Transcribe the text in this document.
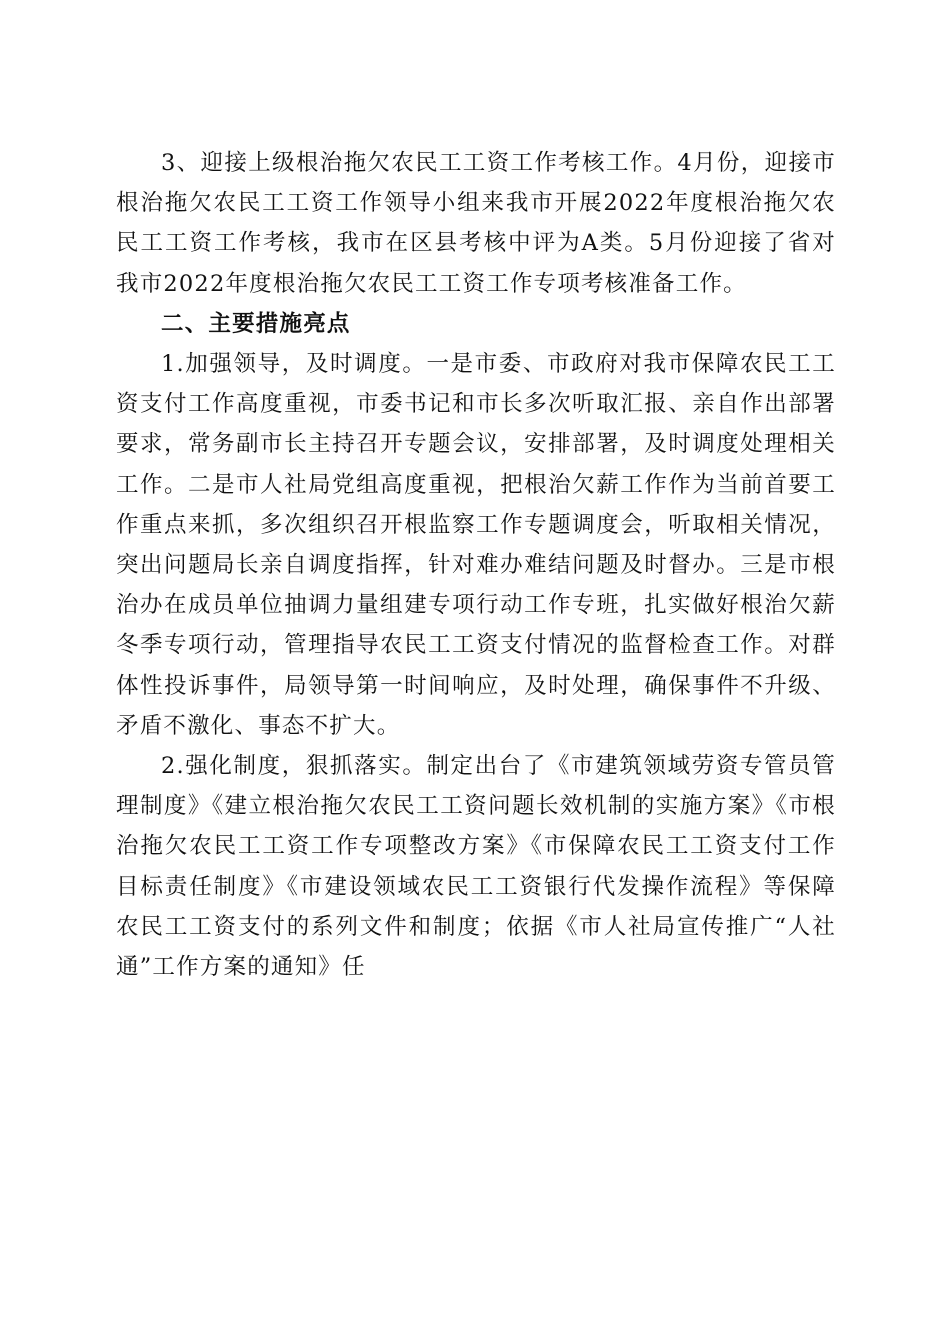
3、迎接上级根治拖欠农民工工资工作考核工作。4月份，迎接市根治拖欠农民工工资工作领导小组来我市开展2022年度根治拖欠农民工工资工作考核，我市在区县考核中评为A类。5月份迎接了省对我市2022年度根治拖欠农民工工资工作专项考核准备工作。

二、主要措施亮点

1.加强领导，及时调度。一是市委、市政府对我市保障农民工工资支付工作高度重视，市委书记和市长多次听取汇报、亲自作出部署要求，常务副市长主持召开专题会议，安排部署，及时调度处理相关工作。二是市人社局党组高度重视，把根治欠薪工作作为当前首要工作重点来抓，多次组织召开根监察工作专题调度会，听取相关情况，突出问题局长亲自调度指挥，针对难办难结问题及时督办。三是市根治办在成员单位抽调力量组建专项行动工作专班，扎实做好根治欠薪冬季专项行动，管理指导农民工工资支付情况的监督检查工作。对群体性投诉事件，局领导第一时间响应，及时处理，确保事件不升级、矛盾不激化、事态不扩大。

2.强化制度，狠抓落实。制定出台了《市建筑领域劳资专管员管理制度》《建立根治拖欠农民工工资问题长效机制的实施方案》《市根治拖欠农民工工资工作专项整改方案》《市保障农民工工资支付工作目标责任制度》《市建设领域农民工工资银行代发操作流程》等保障农民工工资支付的系列文件和制度；依据《市人社局宣传推广“人社通”工作方案的通知》任
